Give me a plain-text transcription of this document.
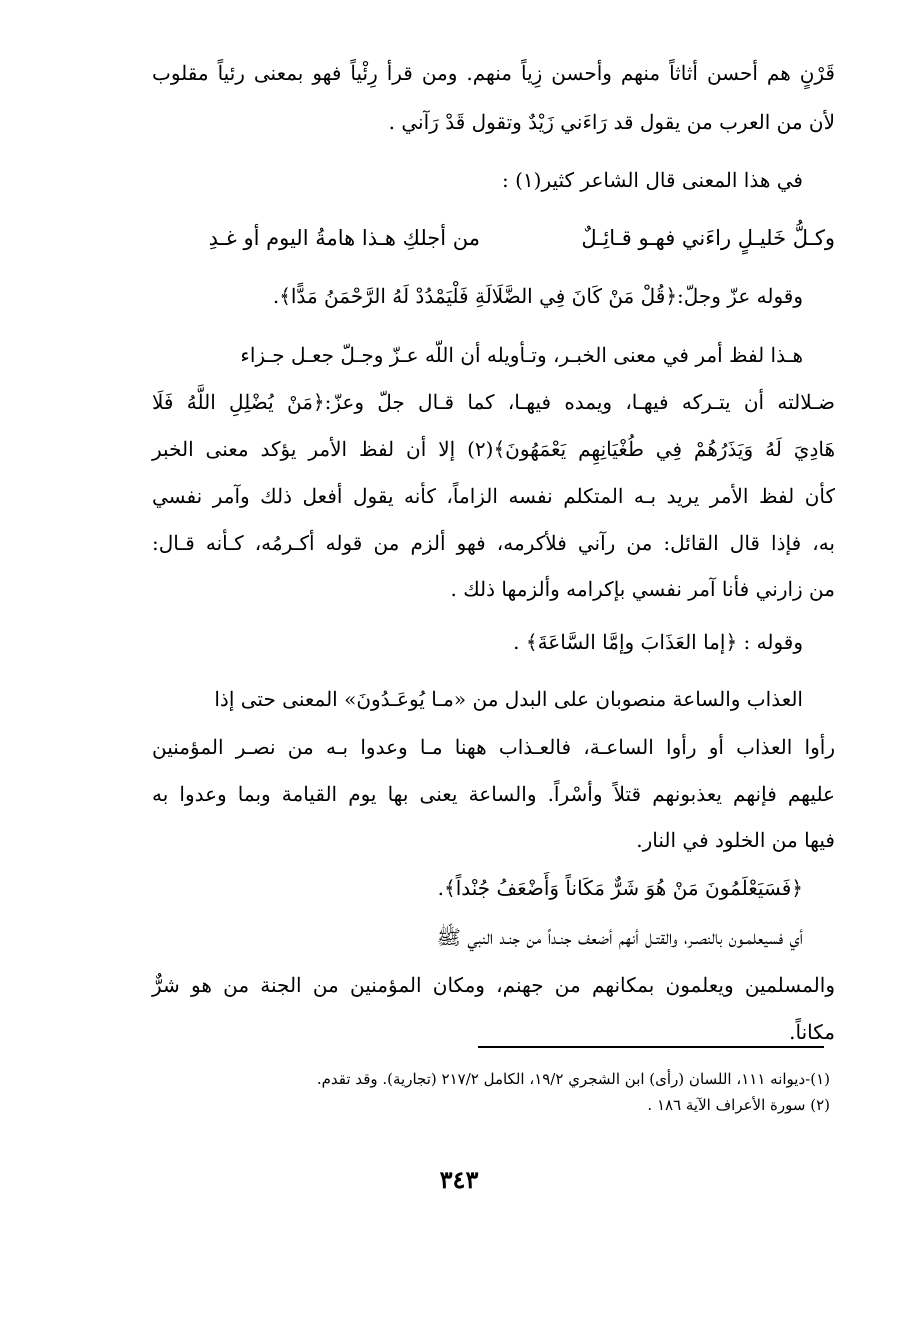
قَرْنٍ هم أحسن أثاثاً منهم وأحسن زِياً منهم. ومن قرأ رِئْياً فهو بمعنى رئياً مقلوب
لأن من العرب من يقول قد رَاءَني زَيْدٌ وتقول قَدْ رَآني .
في هذا المعنى قال الشاعر كثير(١) :
وكـلُّ خَليـلٍ راءَني فهـو قـائِـلٌ
من أجلكِ هـذا هامةُ اليوم أو غـدِ
وقوله عزّ وجلّ:﴿قُلْ مَنْ كَانَ فِي الضَّلَالَةِ فَلْيَمْدُدْ لَهُ الرَّحْمَنُ مَدًّا﴾.
هـذا لفظ أمر في معنى الخبـر، وتـأويله أن اللّه عـزّ وجـلّ جعـل جـزاء
ضـلالته أن يتـركه فيهـا، ويمده فيهـا، كما قـال جلّ وعزّ:﴿مَنْ يُضْلِلِ اللَّهُ فَلَا
هَادِيَ لَهُ وَيَذَرُهُمْ فِي طُغْيَانِهِم يَعْمَهُونَ﴾(٢) إلا أن لفظ الأمر يؤكد معنى الخبر
كأن لفظ الأمر يريد بـه المتكلم نفسه الزاماً، كأنه يقول أفعل ذلك وآمر نفسي
به، فإذا قال القائل: من رآني فلأكرمه، فهو ألزم من قوله أكـرمُه، كـأنه قـال:
من زارني فأنا آمر نفسي بإكرامه وألزمها ذلك .
وقوله : ﴿إما العَذَابَ وإمَّا السَّاعَةَ﴾ .
العذاب والساعة منصوبان على البدل من «مـا يُوعَـدُونَ» المعنى حتى إذا
رأوا العذاب أو رأوا الساعـة، فالعـذاب ههنا مـا وعدوا بـه من نصـر المؤمنين
عليهم فإنهم يعذبونهم قتلاً وأسْراً. والساعة يعنى بها يوم القيامة وبما وعدوا به
فيها من الخلود في النار.
﴿فَسَيَعْلَمُونَ مَنْ هُوَ شَرٌّ مَكَاناً وَأَضْعَفُ جُنْداً﴾.
أي فسيعلمـون بالنصـر، والقتـل أنهم أضعف جنـداً من جنـد النبي ﷺ
والمسلمين ويعلمون بمكانهم من جهنم، ومكان المؤمنين من الجنة من هو شرٌّ
مكاناً.
(١)-ديوانه ١١١، اللسان (رأى) ابن الشجري ١٩/٢، الكامل ٢١٧/٢ (تجارية). وقد تقدم.
(٢) سورة الأعراف الآية ١٨٦ .
٣٤٣
